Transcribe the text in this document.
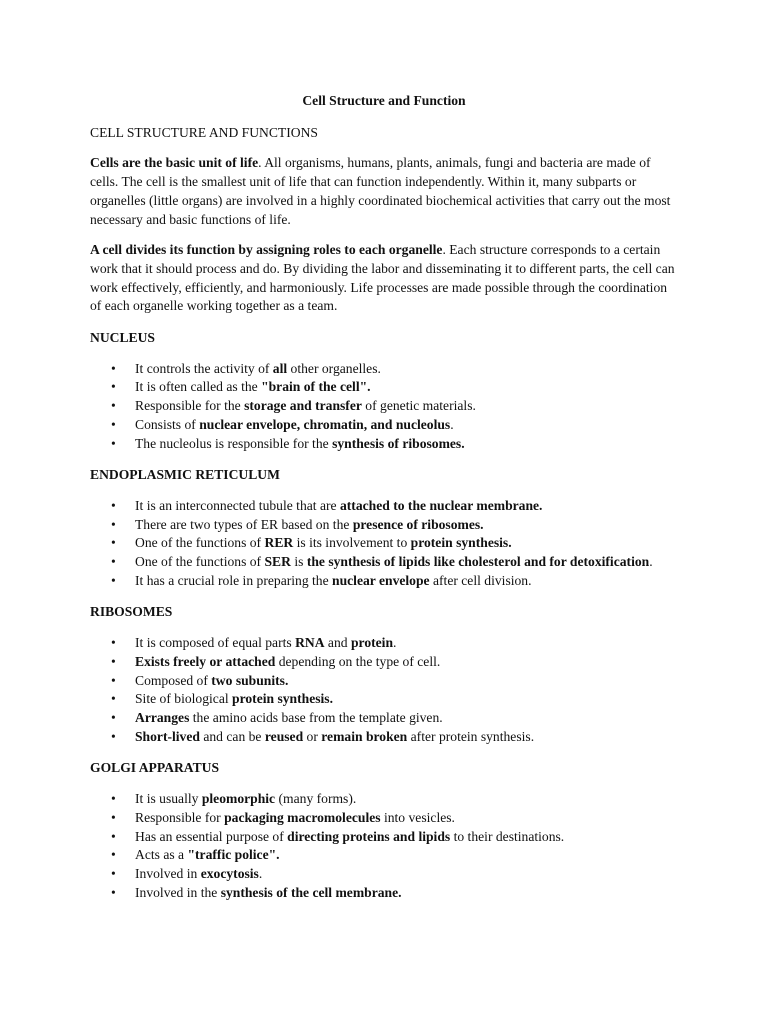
Cell Structure and Function
CELL STRUCTURE AND FUNCTIONS

Cells are the basic unit of life. All organisms, humans, plants, animals, fungi and bacteria are made of cells. The cell is the smallest unit of life that can function independently. Within it, many subparts or organelles (little organs) are involved in a highly coordinated biochemical activities that carry out the most necessary and basic functions of life.

A cell divides its function by assigning roles to each organelle. Each structure corresponds to a certain work that it should process and do. By dividing the labor and disseminating it to different parts, the cell can work effectively, efficiently, and harmoniously. Life processes are made possible through the coordination of each organelle working together as a team.

NUCLEUS
• It controls the activity of all other organelles.
• It is often called as the "brain of the cell".
• Responsible for the storage and transfer of genetic materials.
• Consists of nuclear envelope, chromatin, and nucleolus.
• The nucleolus is responsible for the synthesis of ribosomes.
ENDOPLASMIC RETICULUM
• It is an interconnected tubule that are attached to the nuclear membrane.
• There are two types of ER based on the presence of ribosomes.
• One of the functions of RER is its involvement to protein synthesis.
• One of the functions of SER is the synthesis of lipids like cholesterol and for detoxification.
• It has a crucial role in preparing the nuclear envelope after cell division.
RIBOSOMES
• It is composed of equal parts RNA and protein.
• Exists freely or attached depending on the type of cell.
• Composed of two subunits.
• Site of biological protein synthesis.
• Arranges the amino acids base from the template given.
• Short-lived and can be reused or remain broken after protein synthesis.
GOLGI APPARATUS
• It is usually pleomorphic (many forms).
• Responsible for packaging macromolecules into vesicles.
• Has an essential purpose of directing proteins and lipids to their destinations.
• Acts as a "traffic police".
• Involved in exocytosis.
• Involved in the synthesis of the cell membrane.
